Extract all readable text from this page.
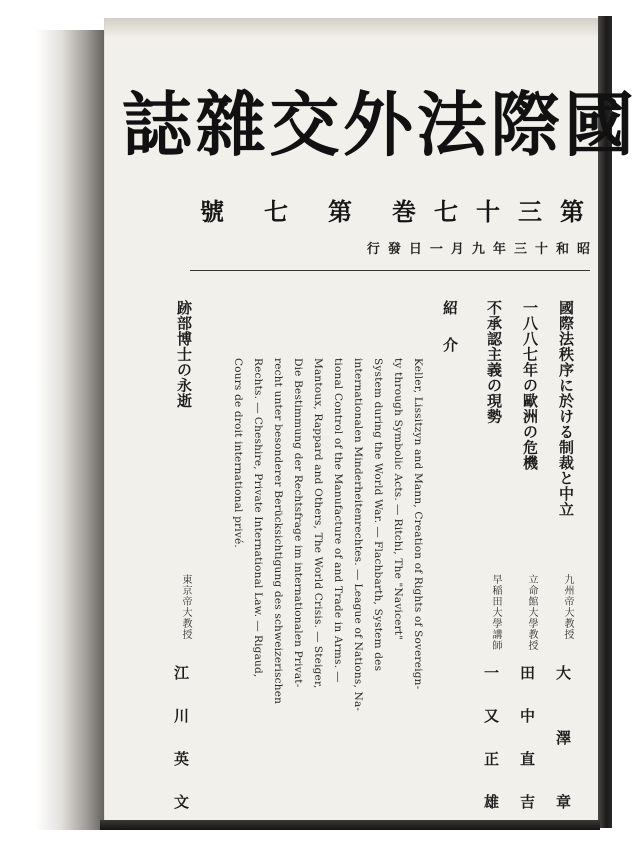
國
際
法
外
交
雜
誌
第
三
十
七
巻
第
七
號
昭
和
十
三
年
九
月
一
日
發
行
國際法秩序に於ける制裁と中立
一八八七年の歐洲の危機
不承認主義の現勢
九州帝大教授
立命館大學教授
早稲田大學講師
大
澤
章
田
中
直
吉
一
又
正
雄
紹介
Keller, Lissitzyn and Mann, Creation of Rights of Sovereign-
ty through Symbolic Acts. ― Ritchi, The "Navicert"
System during the World War. ― Flachbarth, System des
internationalen Minderheitenrechtes. ― League of Nations, Na-
tional Control of the Manufacture of and Trade in Arms. ―
Mantoux, Rappard and Others, The World Crisis. ― Steiger,
Die Bestimmung der Rechtsfrage im internationalen Privat-
recht unter besonderer Berücksichtigung des schweizerischen
Rechts. ― Cheshire, Private International Law. ― Rigaud,
Cours de droit international privé.
跡部博士の永逝
東京帝大教授
江
川
英
文
